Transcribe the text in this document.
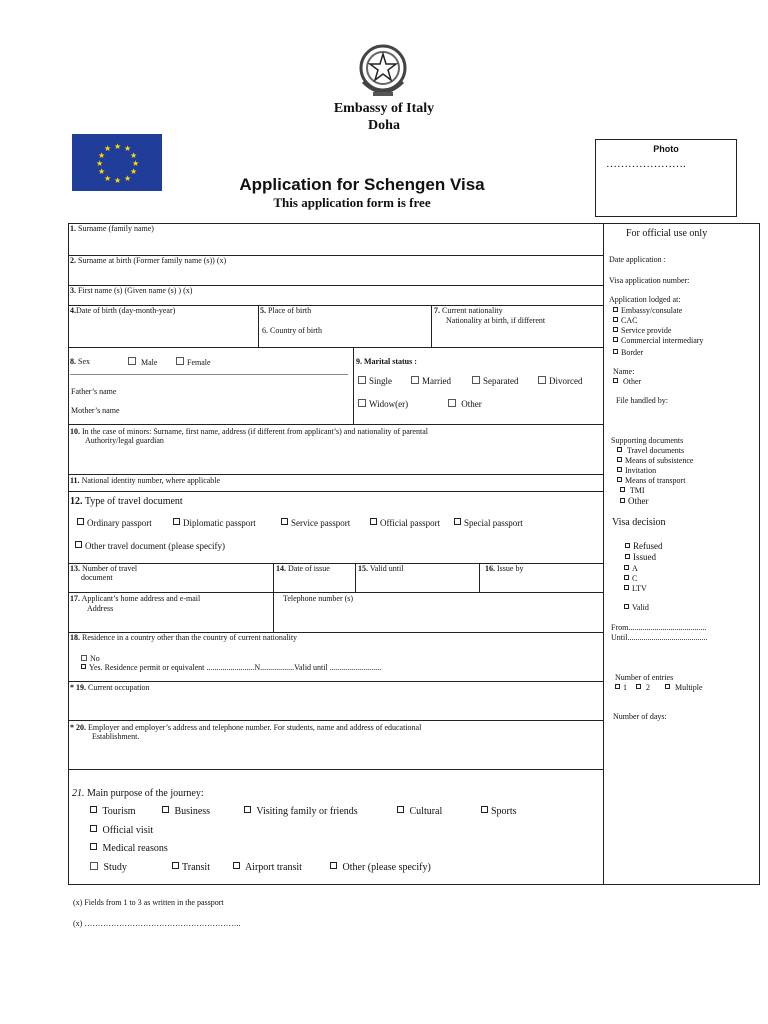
Embassy of Italy
Doha
★ ★
★
★
★
★
★
★
★
★
★
★
Application for Schengen Visa
This application form is free
Photo
………………….
1. Surname (family name)
2. Surname at birth (Former family name (s)) (x)
3. First name (s) (Given name (s) ) (x)
4.Date of birth (day-month-year)	5. Place of birth
6. Country of birth
7. Current nationality
Nationality at birth, if different
8. Sex	Male	Female
Father’s name
Mother’s name
9. Marital status :
Single	Married	Separated	Divorced
Widow(er)	Other
10. In the case of minors: Surname, first name, address (if different from applicant’s) and nationality of parental
Authority/legal guardian
11. National identity number, where applicable
12. Type of travel document
Ordinary passport	Diplomatic passport	Service passport	Official passport	Special passport
Other travel document (please specify)
13. Number of travel
document
14. Date of issue	15. Valid until	16. Issue by
17. Applicant’s home address and e-mail
Address
Telephone number (s)
18. Residence in a country other than the country of current nationality
No
Yes. Residence permit or equivalent ........................N.................Valid until ..........................
* 19. Current occupation
* 20. Employer and employer’s address and telephone number. For students, name and address of educational
Establishment.
21. Main purpose of the journey:
Tourism	Business	Visiting family or friends	Cultural	Sports
Official visit
Medical reasons
Study	Transit	Airport transit	Other (please specify)
For official use only
Date application :
Visa application number:
Application lodged at:
Embassy/consulate
CAC
Service provide
Commercial intermediary
Border
Name:
Other
File handled by:
Supporting documents
Travel documents
Means of subsistence
Invitation
Means of transport
TMI
Other
Visa decision
Refused
Issued
A
C
LTV
Valid
From.......................................
Until........................................
Number of entries
1	2	Multiple
Number of days:
(x) Fields from 1 to 3 as written in the passport
(x) …………………………………………………..
